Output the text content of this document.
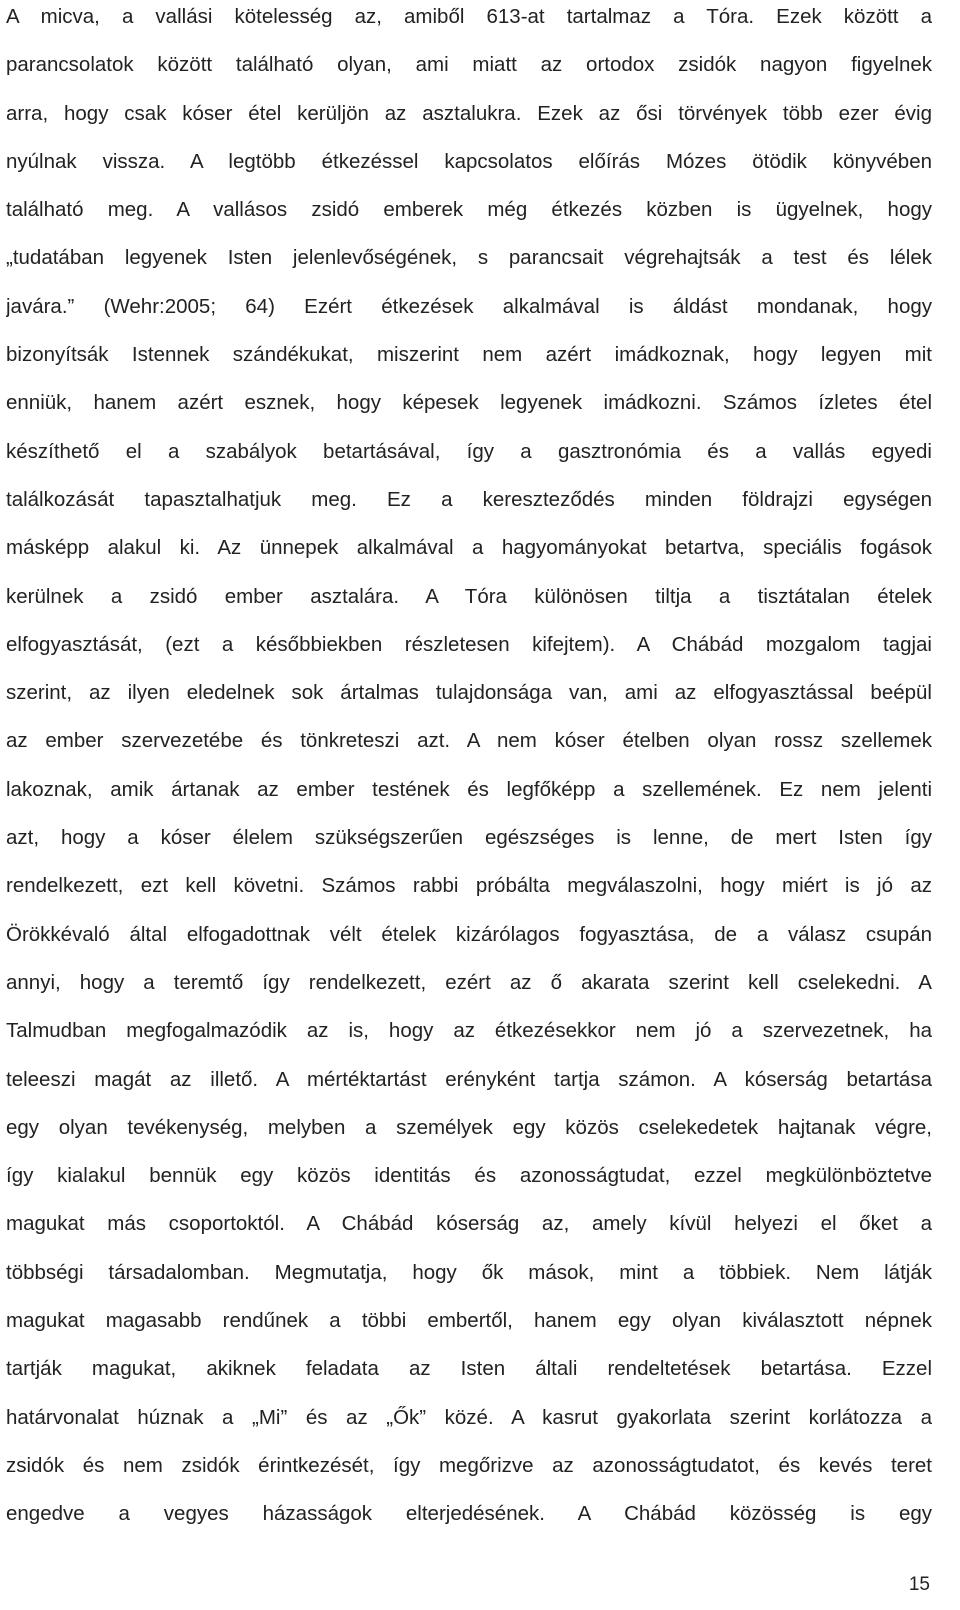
A micva, a vallási kötelesség az, amiből 613-at tartalmaz a Tóra. Ezek között a
parancsolatok között található olyan, ami miatt az ortodox zsidók nagyon figyelnek
arra, hogy csak kóser étel kerüljön az asztalukra. Ezek az ősi törvények több ezer évig
nyúlnak vissza. A legtöbb étkezéssel kapcsolatos előírás Mózes ötödik könyvében
található meg. A vallásos zsidó emberek még étkezés közben is ügyelnek, hogy
„tudatában legyenek Isten jelenlevőségének, s parancsait végrehajtsák a test és lélek
javára.” (Wehr:2005; 64) Ezért étkezések alkalmával is áldást mondanak, hogy
bizonyítsák Istennek szándékukat, miszerint nem azért imádkoznak, hogy legyen mit
enniük, hanem azért esznek, hogy képesek legyenek imádkozni. Számos ízletes étel
készíthető el a szabályok betartásával, így a gasztronómia és a vallás egyedi
találkozását tapasztalhatjuk meg. Ez a kereszteződés minden földrajzi egységen
másképp alakul ki. Az ünnepek alkalmával a hagyományokat betartva, speciális fogások
kerülnek a zsidó ember asztalára. A Tóra különösen tiltja a tisztátalan ételek
elfogyasztását, (ezt a későbbiekben részletesen kifejtem). A Chábád mozgalom tagjai
szerint, az ilyen eledelnek sok ártalmas tulajdonsága van, ami az elfogyasztással beépül
az ember szervezetébe és tönkreteszi azt. A nem kóser ételben olyan rossz szellemek
lakoznak, amik ártanak az ember testének és legfőképp a szellemének. Ez nem jelenti
azt, hogy a kóser élelem szükségszerűen egészséges is lenne, de mert Isten így
rendelkezett, ezt kell követni. Számos rabbi próbálta megválaszolni, hogy miért is jó az
Örökkévaló által elfogadottnak vélt ételek kizárólagos fogyasztása, de a válasz csupán
annyi, hogy a teremtő így rendelkezett, ezért az ő akarata szerint kell cselekedni. A
Talmudban megfogalmazódik az is, hogy az étkezésekkor nem jó a szervezetnek, ha
teleeszi magát az illető. A mértéktartást erényként tartja számon. A kóserság betartása
egy olyan tevékenység, melyben a személyek egy közös cselekedetek hajtanak végre,
így kialakul bennük egy közös identitás és azonosságtudat, ezzel megkülönböztetve
magukat más csoportoktól. A Chábád kóserság az, amely kívül helyezi el őket a
többségi társadalomban. Megmutatja, hogy ők mások, mint a többiek. Nem látják
magukat magasabb rendűnek a többi embertől, hanem egy olyan kiválasztott népnek
tartják magukat, akiknek feladata az Isten általi rendeltetések betartása. Ezzel
határvonalat húznak a „Mi” és az „Ők” közé. A kasrut gyakorlata szerint korlátozza a
zsidók és nem zsidók érintkezését, így megőrizve az azonosságtudatot, és kevés teret
engedve a vegyes házasságok elterjedésének. A Chábád közösség is egy
15
